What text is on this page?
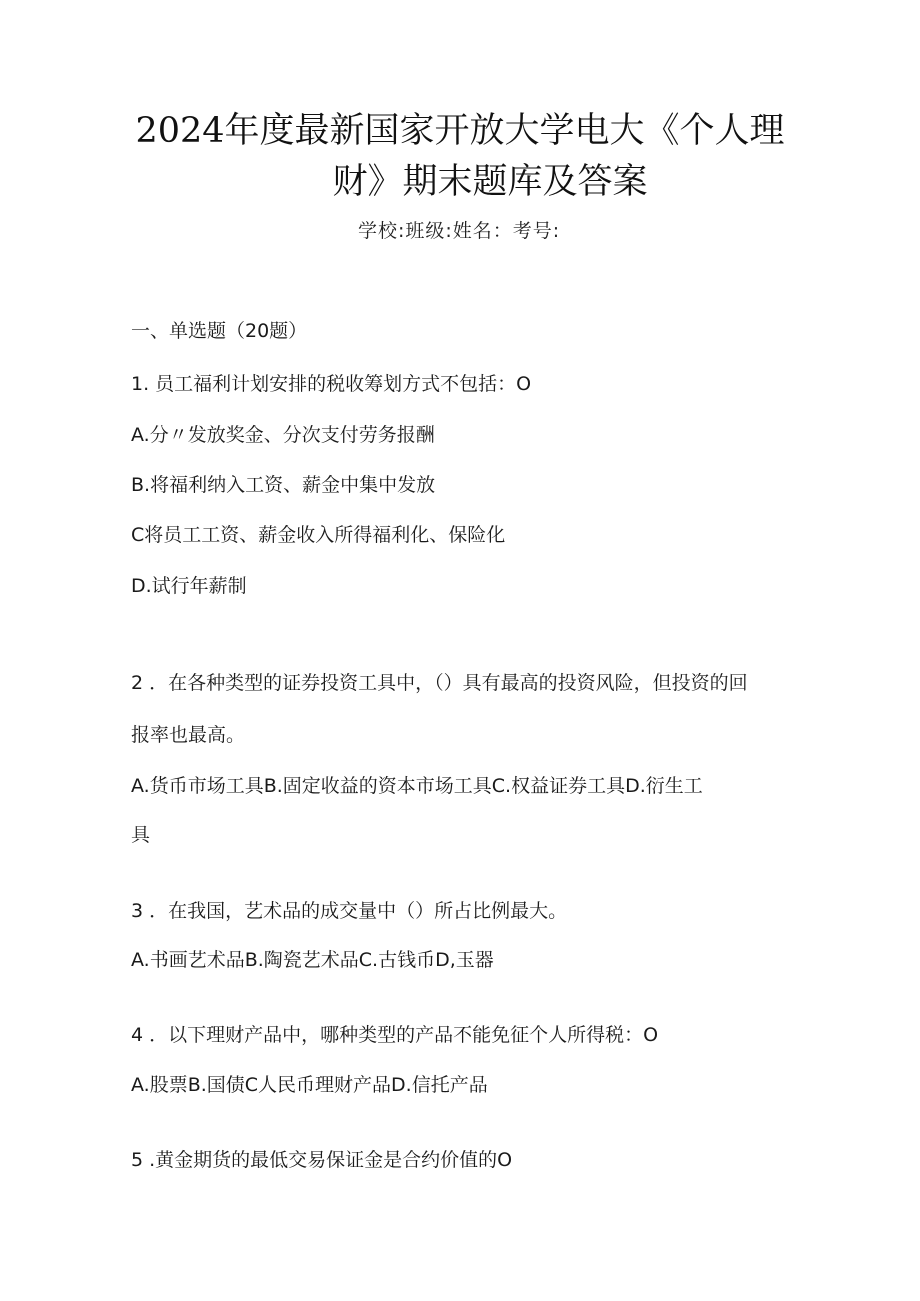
2024年度最新国家开放大学电大《个人理
财》期末题库及答案
学校:班级:姓名：考号:
一、单选题（20题）
1. 员工福利计划安排的税收筹划方式不包括：O
A.分〃发放奖金、分次支付劳务报酬
B.将福利纳入工资、薪金中集中发放
C将员工工资、薪金收入所得福利化、保险化
D.试行年薪制
2 ．在各种类型的证券投资工具中，（）具有最高的投资风险，但投资的回
报率也最高。
A.货币市场工具B.固定收益的资本市场工具C.权益证券工具D.衍生工
具
3 ．在我国，艺术品的成交量中（）所占比例最大。
A.书画艺术品B.陶瓷艺术品C.古钱币D,玉器
4 ．以下理财产品中，哪种类型的产品不能免征个人所得税：O
A.股票B.国债C人民币理财产品D.信托产品
5 .黄金期货的最低交易保证金是合约价值的O
